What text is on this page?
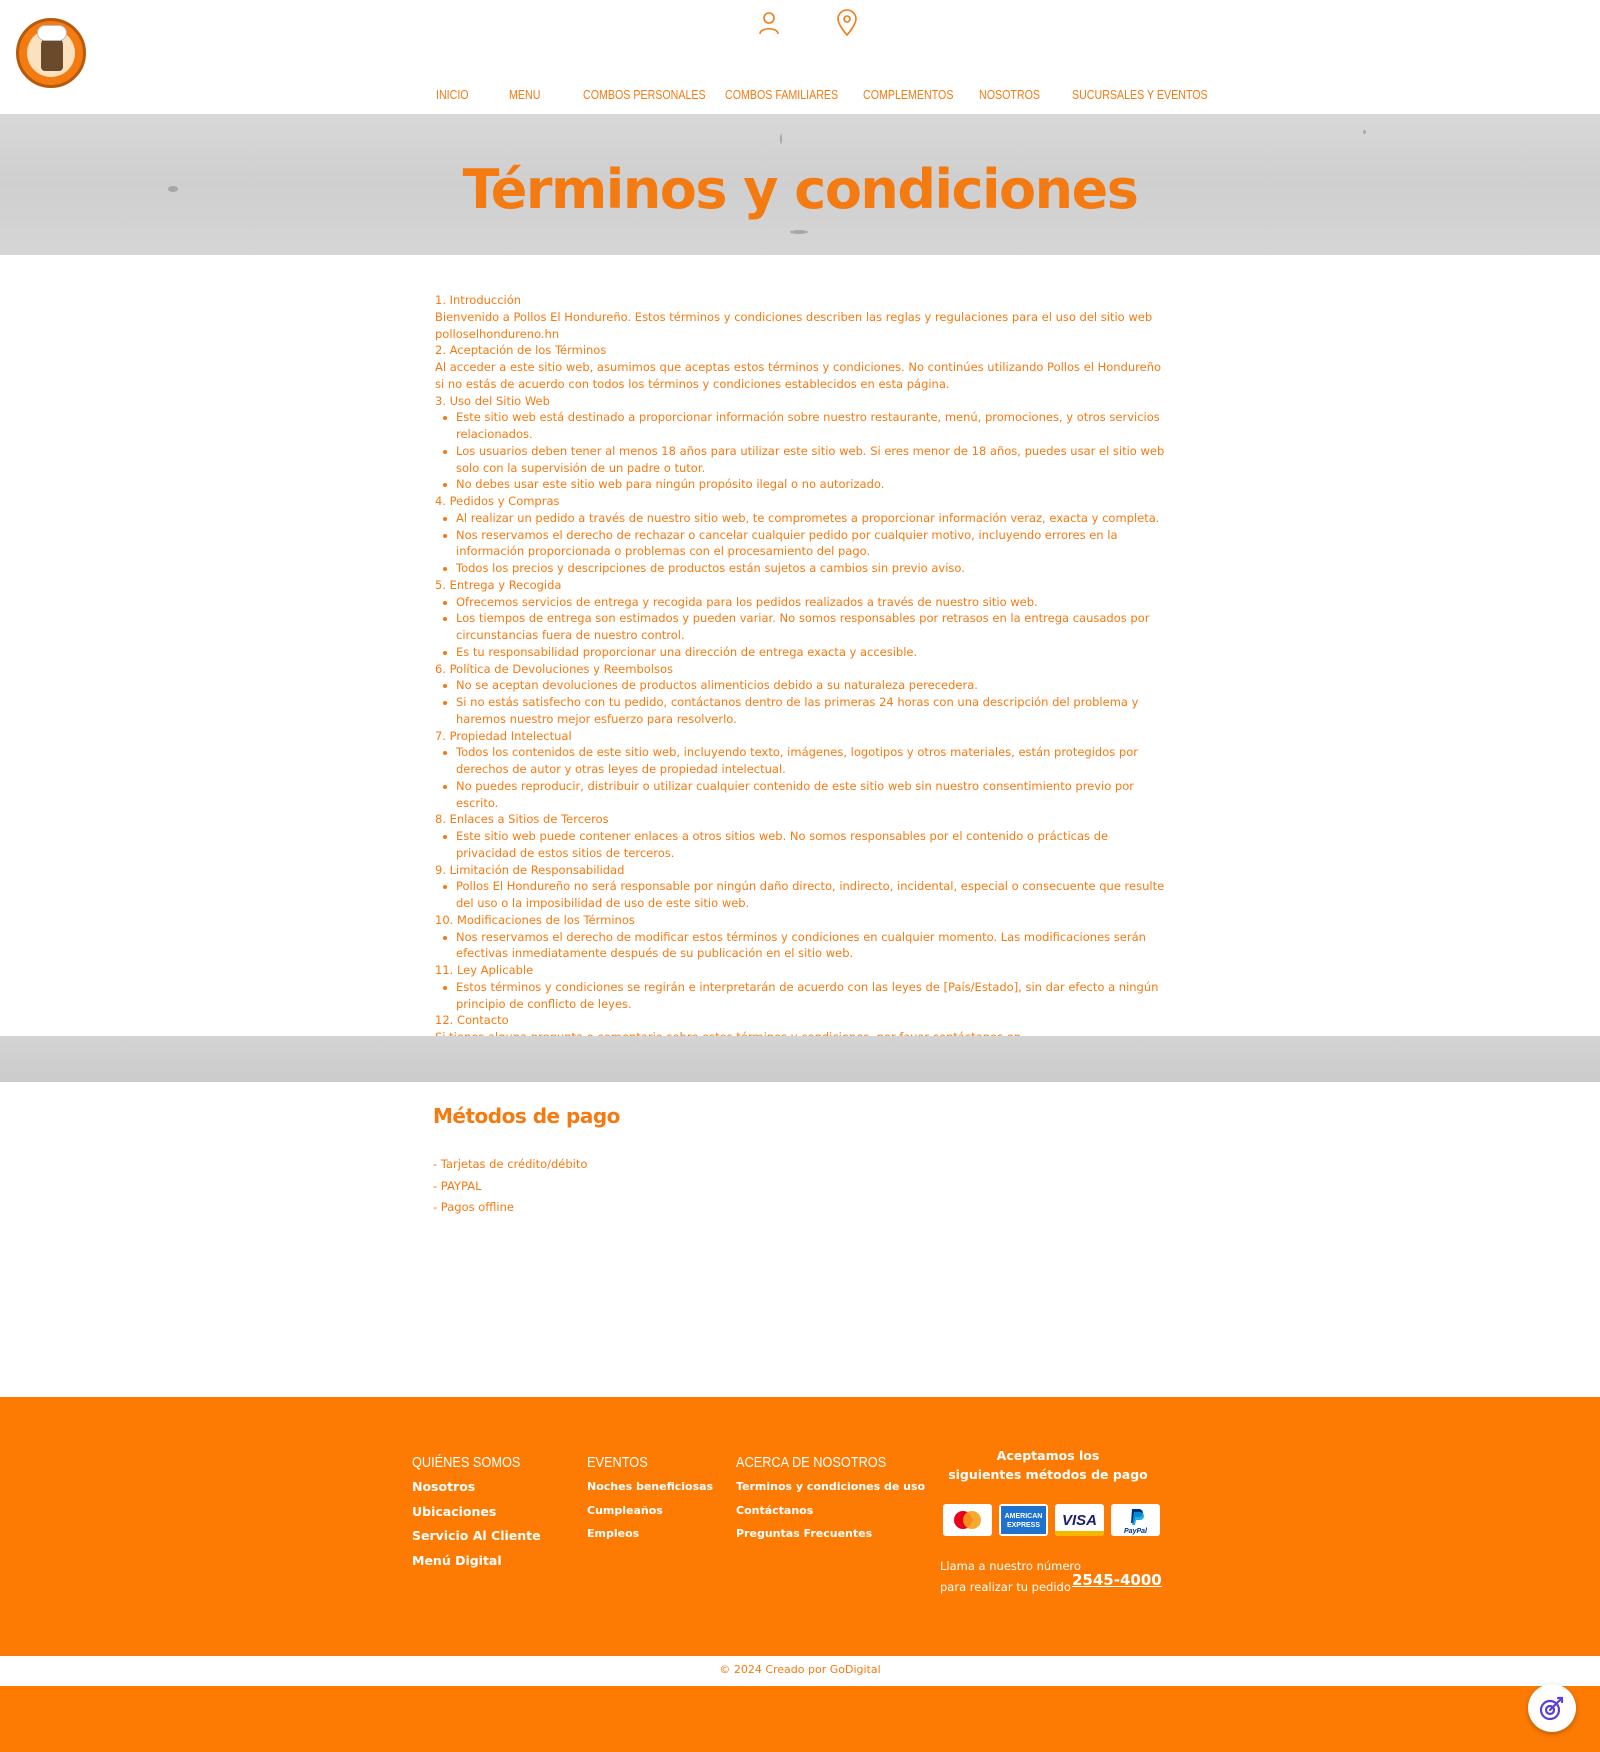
INICIO	MENU	COMBOS PERSONALES	COMBOS FAMILIARES	COMPLEMENTOS	NOSOTROS	SUCURSALES Y EVENTOS
Términos y condiciones

1. Introducción

Bienvenido a Pollos El Hondureño. Estos términos y condiciones describen las reglas y regulaciones para el uso del sitio web polloselhondureno.hn

2. Aceptación de los Términos

Al acceder a este sitio web, asumimos que aceptas estos términos y condiciones. No continúes utilizando Pollos el Hondureño si no estás de acuerdo con todos los términos y condiciones establecidos en esta página.

3. Uso del Sitio Web

Este sitio web está destinado a proporcionar información sobre nuestro restaurante, menú, promociones, y otros servicios relacionados.
Los usuarios deben tener al menos 18 años para utilizar este sitio web. Si eres menor de 18 años, puedes usar el sitio web solo con la supervisión de un padre o tutor.
No debes usar este sitio web para ningún propósito ilegal o no autorizado.

4. Pedidos y Compras

Al realizar un pedido a través de nuestro sitio web, te comprometes a proporcionar información veraz, exacta y completa.
Nos reservamos el derecho de rechazar o cancelar cualquier pedido por cualquier motivo, incluyendo errores en la información proporcionada o problemas con el procesamiento del pago.
Todos los precios y descripciones de productos están sujetos a cambios sin previo aviso.

5. Entrega y Recogida

Ofrecemos servicios de entrega y recogida para los pedidos realizados a través de nuestro sitio web.
Los tiempos de entrega son estimados y pueden variar. No somos responsables por retrasos en la entrega causados por circunstancias fuera de nuestro control.
Es tu responsabilidad proporcionar una dirección de entrega exacta y accesible.

6. Política de Devoluciones y Reembolsos

No se aceptan devoluciones de productos alimenticios debido a su naturaleza perecedera.
Si no estás satisfecho con tu pedido, contáctanos dentro de las primeras 24 horas con una descripción del problema y haremos nuestro mejor esfuerzo para resolverlo.

7. Propiedad Intelectual

Todos los contenidos de este sitio web, incluyendo texto, imágenes, logotipos y otros materiales, están protegidos por derechos de autor y otras leyes de propiedad intelectual.
No puedes reproducir, distribuir o utilizar cualquier contenido de este sitio web sin nuestro consentimiento previo por escrito.

8. Enlaces a Sitios de Terceros

Este sitio web puede contener enlaces a otros sitios web. No somos responsables por el contenido o prácticas de privacidad de estos sitios de terceros.

9. Limitación de Responsabilidad

Pollos El Hondureño no será responsable por ningún daño directo, indirecto, incidental, especial o consecuente que resulte del uso o la imposibilidad de uso de este sitio web.

10. Modificaciones de los Términos

Nos reservamos el derecho de modificar estos términos y condiciones en cualquier momento. Las modificaciones serán efectivas inmediatamente después de su publicación en el sitio web.

11. Ley Aplicable

Estos términos y condiciones se regirán e interpretarán de acuerdo con las leyes de [País/Estado], sin dar efecto a ningún principio de conflicto de leyes.

12. Contacto

Métodos de pago
- Tarjetas de crédito/débito
- PAYPAL
- Pagos offline
QUIÉNES SOMOS
Nosotros
Ubicaciones
Servicio Al Cliente
Menú Digital
EVENTOS
Noches beneficiosas
Cumpleaños
Empleos
ACERCA DE NOSOTROS
Terminos y condiciones de uso
Contáctanos
Preguntas Frecuentes
Aceptamos los
siguientes métodos de pago
AMERICAN
EXPRESS VISA
PayPal
Llama a nuestro número
para realizar tu pedido 2545-4000
© 2024 Creado por GoDigital
